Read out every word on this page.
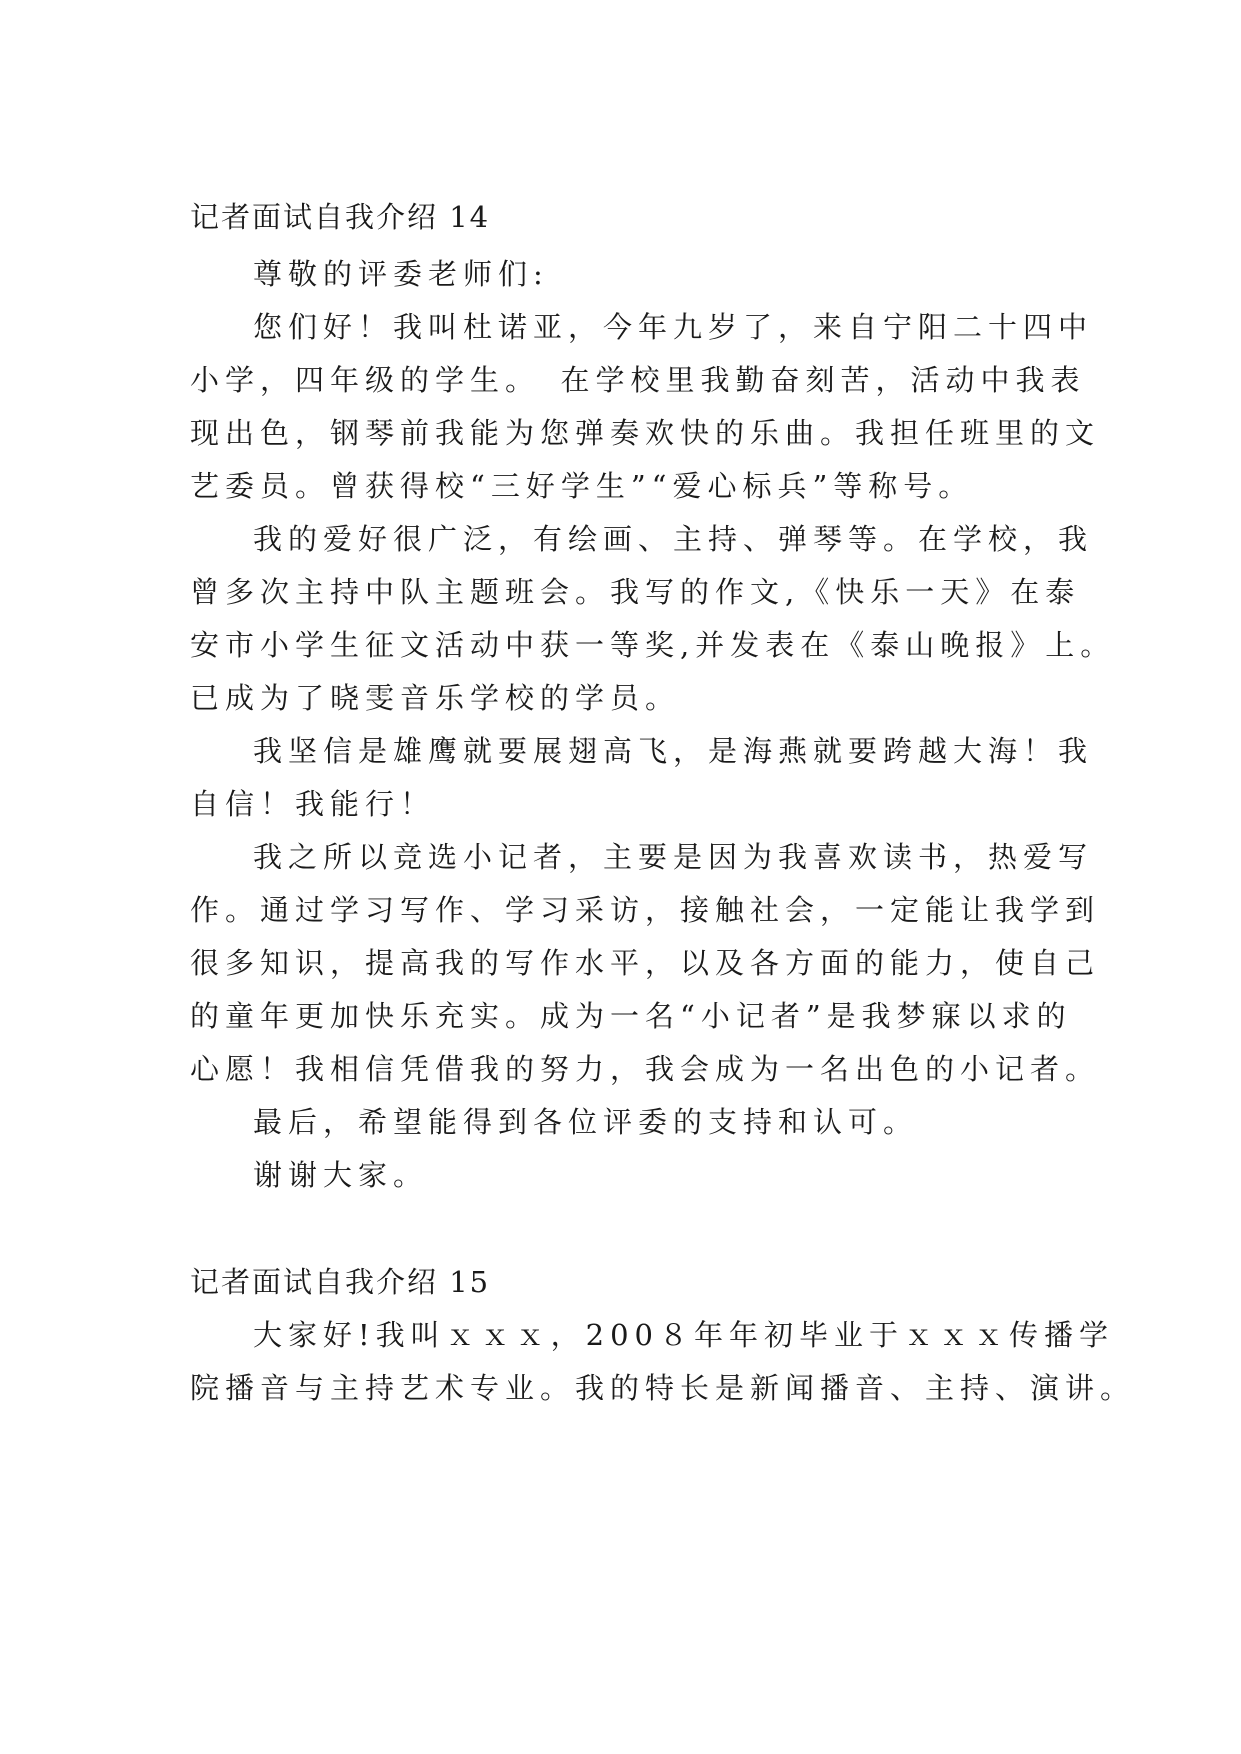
记者面试自我介绍 14
尊敬的评委老师们:
您们好！我叫杜诺亚，今年九岁了，来自宁阳二十四中
小学，四年级的学生。　在学校里我勤奋刻苦，活动中我表
现出色，钢琴前我能为您弹奏欢快的乐曲。我担任班里的文
艺委员。曾获得校“三好学生”“爱心标兵”等称号。
我的爱好很广泛，有绘画、主持、弹琴等。在学校，我
曾多次主持中队主题班会。我写的作文,《快乐一天》在泰
安市小学生征文活动中获一等奖,并发表在《泰山晚报》上。
已成为了晓雯音乐学校的学员。
我坚信是雄鹰就要展翅高飞，是海燕就要跨越大海！我
自信！我能行！
我之所以竞选小记者，主要是因为我喜欢读书，热爱写
作。通过学习写作、学习采访，接触社会，一定能让我学到
很多知识，提高我的写作水平，以及各方面的能力，使自己
的童年更加快乐充实。成为一名“小记者”是我梦寐以求的
心愿！我相信凭借我的努力，我会成为一名出色的小记者。
最后，希望能得到各位评委的支持和认可。
谢谢大家。
记者面试自我介绍 15
大家好!我叫ｘｘｘ，200８年年初毕业于ｘｘｘ传播学
院播音与主持艺术专业。我的特长是新闻播音、主持、演讲。
